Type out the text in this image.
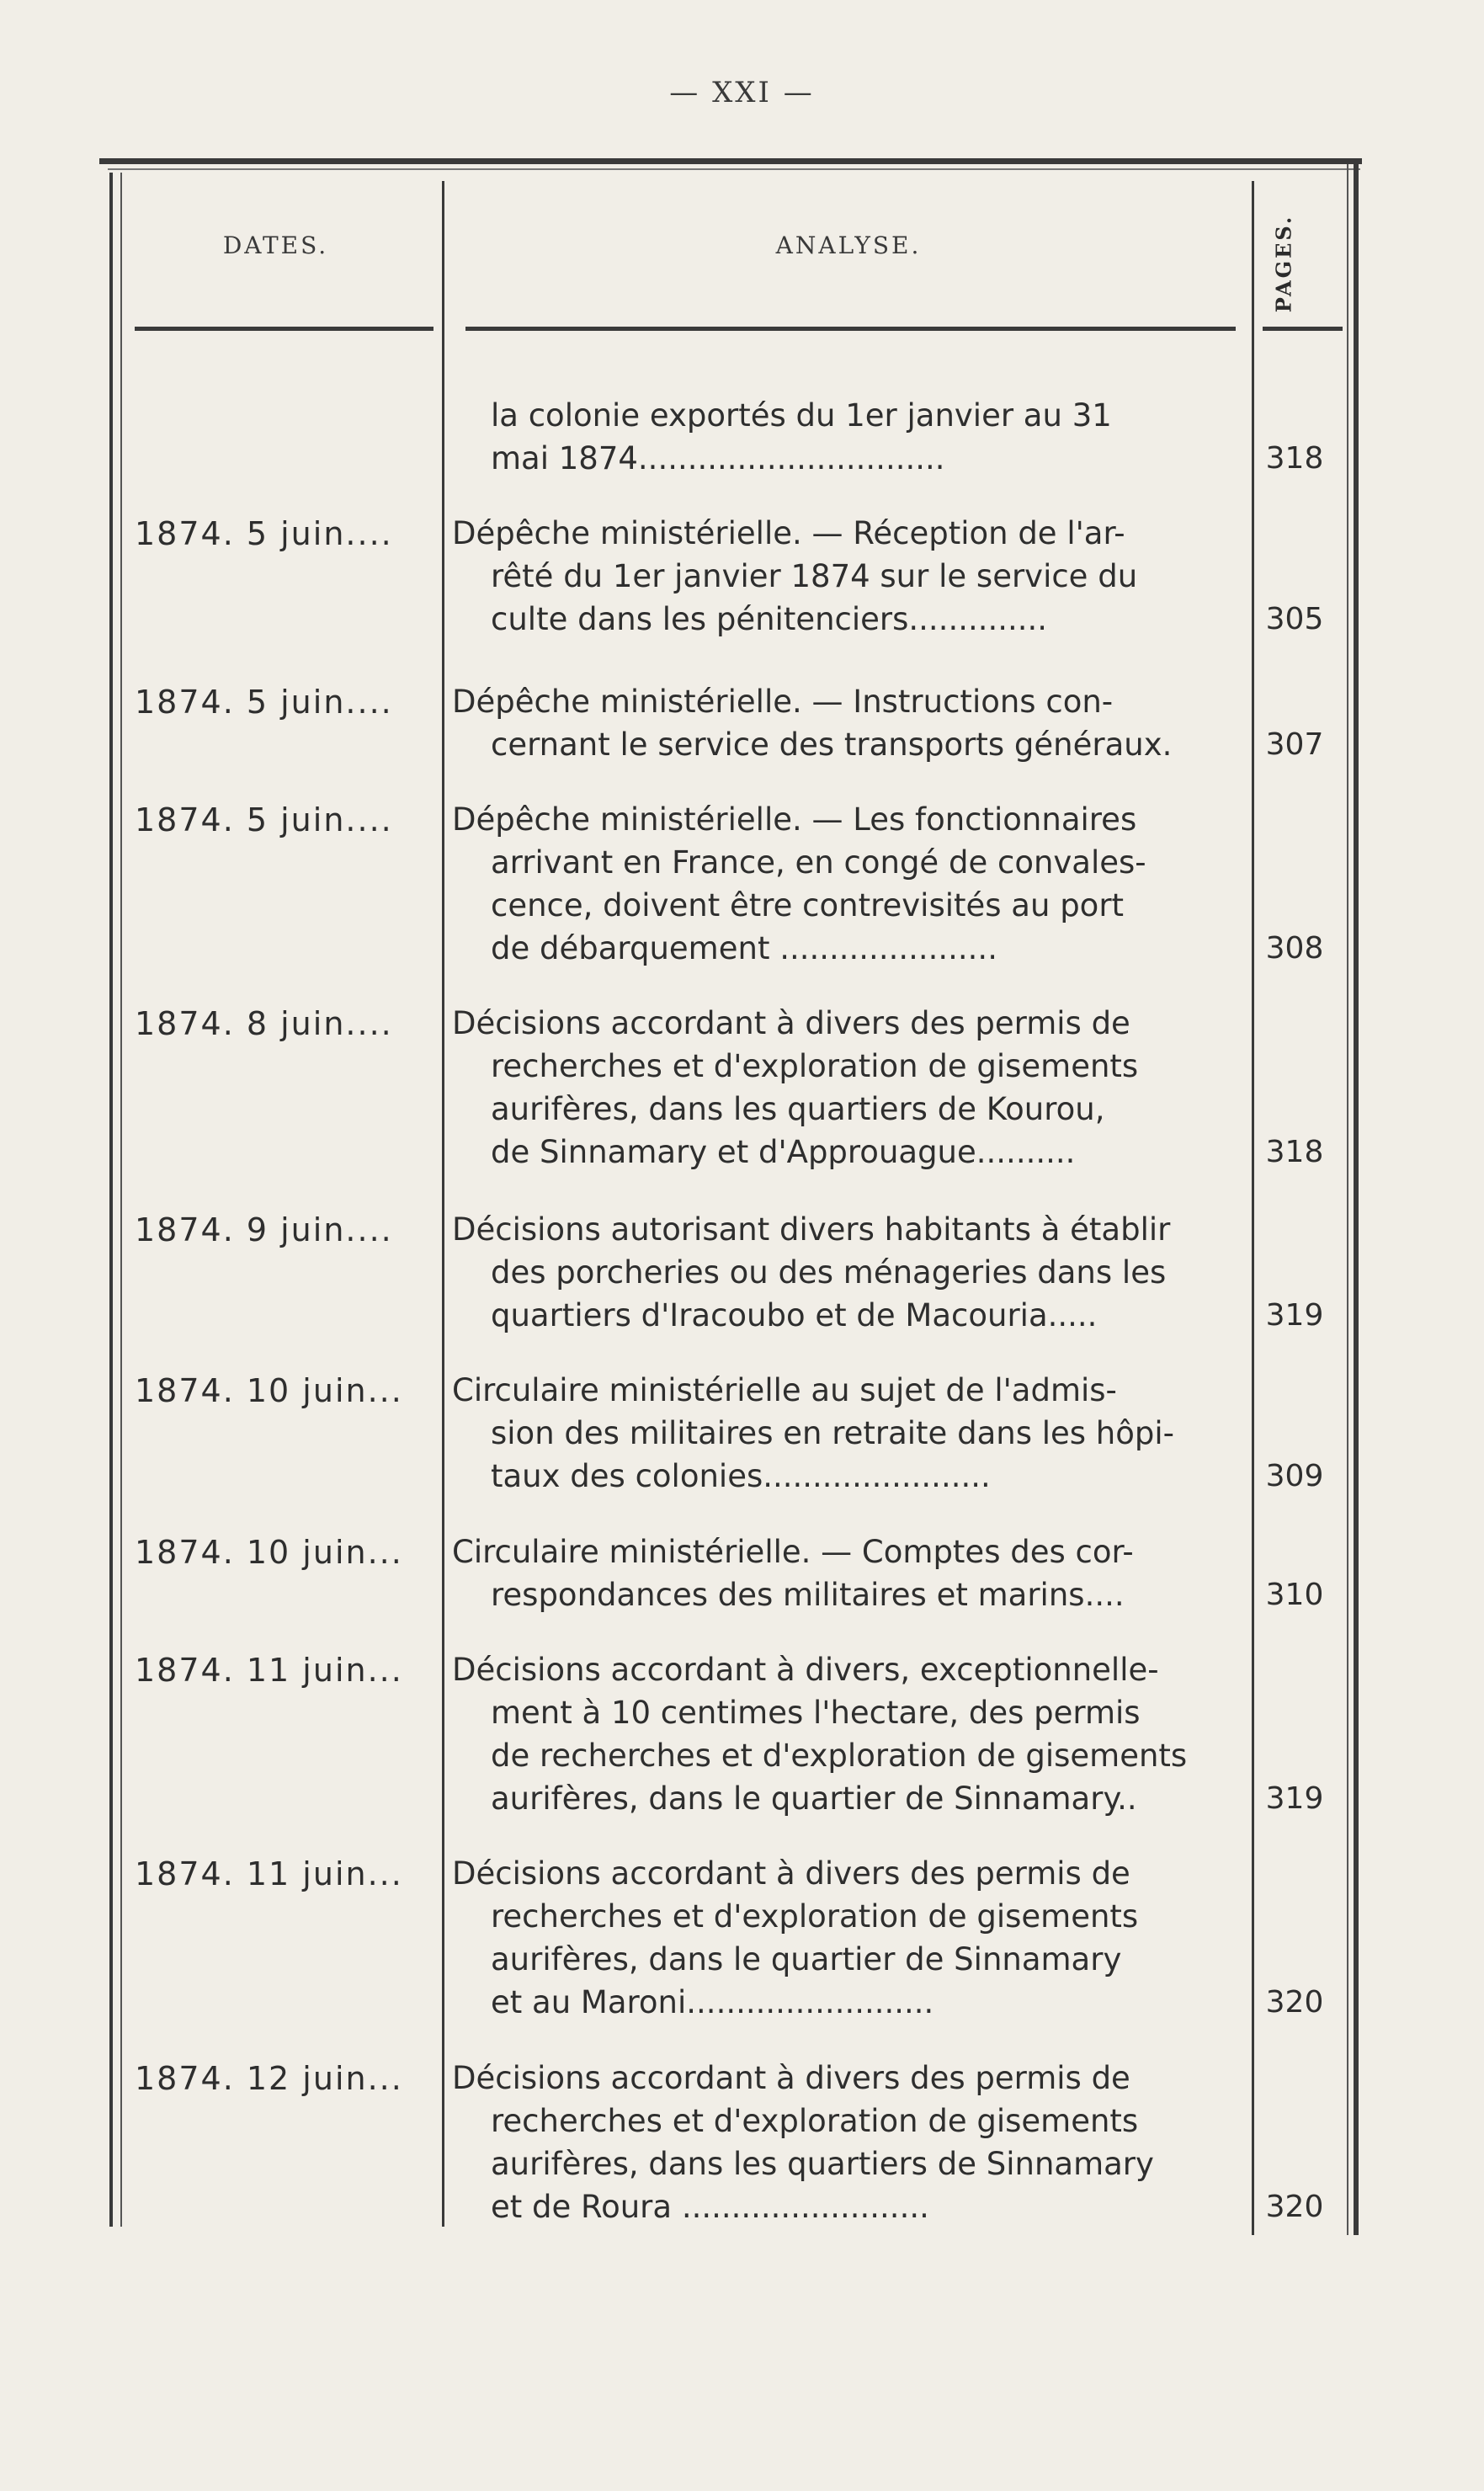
— XXI —
DATES.	ANALYSE.	PAGES.
la colonie exportés du 1er janvier au 31
mai 1874...............................	318
1874. 5 juin....	Dépêche ministérielle. — Réception de l'ar-
rêté du 1er janvier 1874 sur le service du
culte dans les pénitenciers..............	305
1874. 5 juin....	Dépêche ministérielle. — Instructions con-
cernant le service des transports généraux.	307
1874. 5 juin....	Dépêche ministérielle. — Les fonctionnaires
arrivant en France, en congé de convales-
cence, doivent être contrevisités au port
de débarquement ......................	308
1874. 8 juin....	Décisions accordant à divers des permis de
recherches et d'exploration de gisements
aurifères, dans les quartiers de Kourou,
de Sinnamary et d'Approuague..........	318
1874. 9 juin....	Décisions autorisant divers habitants à établir
des porcheries ou des ménageries dans les
quartiers d'Iracoubo et de Macouria.....	319
1874. 10 juin...	Circulaire ministérielle au sujet de l'admis-
sion des militaires en retraite dans les hôpi-
taux des colonies.......................	309
1874. 10 juin...	Circulaire ministérielle. — Comptes des cor-
respondances des militaires et marins....	310
1874. 11 juin...	Décisions accordant à divers, exceptionnelle-
ment à 10 centimes l'hectare, des permis
de recherches et d'exploration de gisements
aurifères, dans le quartier de Sinnamary..	319
1874. 11 juin...	Décisions accordant à divers des permis de
recherches et d'exploration de gisements
aurifères, dans le quartier de Sinnamary
et au Maroni.........................	320
1874. 12 juin...	Décisions accordant à divers des permis de
recherches et d'exploration de gisements
aurifères, dans les quartiers de Sinnamary
et de Roura .........................	320
